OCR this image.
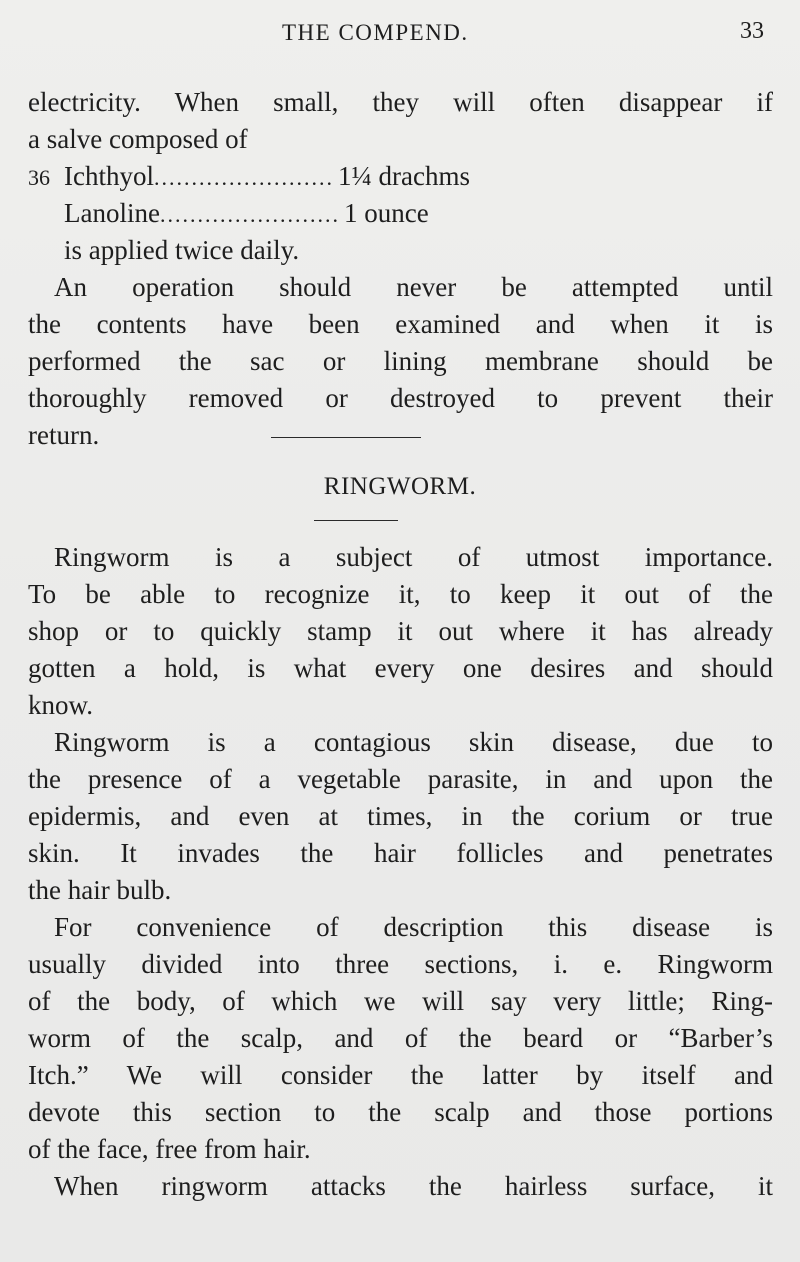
THE COMPEND.	33
electricity. When small, they will often disappear if
a salve composed of
36 Ichthyol ........................ 1¼ drachms
Lanoline ........................ 1 ounce
is applied twice daily.
An operation should never be attempted until
the contents have been examined and when it is
performed the sac or lining membrane should be
thoroughly removed or destroyed to prevent their
return.
RINGWORM.
Ringworm is a subject of utmost importance.
To be able to recognize it, to keep it out of the
shop or to quickly stamp it out where it has already
gotten a hold, is what every one desires and should
know.
Ringworm is a contagious skin disease, due to
the presence of a vegetable parasite, in and upon the
epidermis, and even at times, in the corium or true
skin. It invades the hair follicles and penetrates
the hair bulb.
For convenience of description this disease is
usually divided into three sections, i. e. Ringworm
of the body, of which we will say very little; Ring-
worm of the scalp, and of the beard or “Barber’s
Itch.” We will consider the latter by itself and
devote this section to the scalp and those portions
of the face, free from hair.
When ringworm attacks the hairless surface, it
